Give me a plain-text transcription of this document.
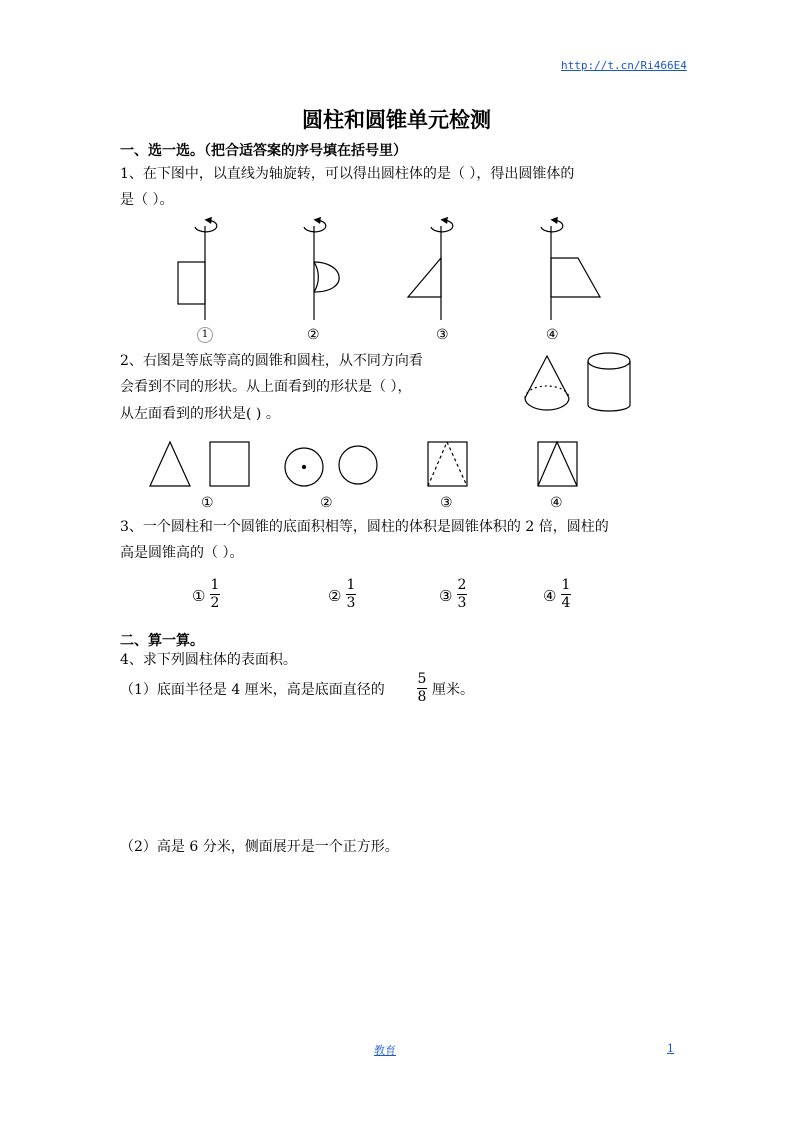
http://t.cn/Ri466E4
圆柱和圆锥单元检测
一、选一选。（把合适答案的序号填在括号里）
1、在下图中，以直线为轴旋转，可以得出圆柱体的是（ ），得出圆锥体的
是（ ）。
1	②	③	④
2、右图是等底等高的圆锥和圆柱，从不同方向看
会看到不同的形状。从上面看到的形状是（ ），
从左面看到的形状是( ) 。
①	②	③	④
3、一个圆柱和一个圆锥的底面积相等，圆柱的体积是圆锥体积的 2 倍，圆柱的
高是圆锥高的（ ）。
①
1
2	②
1
3	③
2
3	④
1
4
二、算一算。
4、求下列圆柱体的表面积。
（1）底面半径是 4 厘米，高是底面直径的
5
8 厘米。
（2）高是 6 分米，侧面展开是一个正方形。
教育	1
